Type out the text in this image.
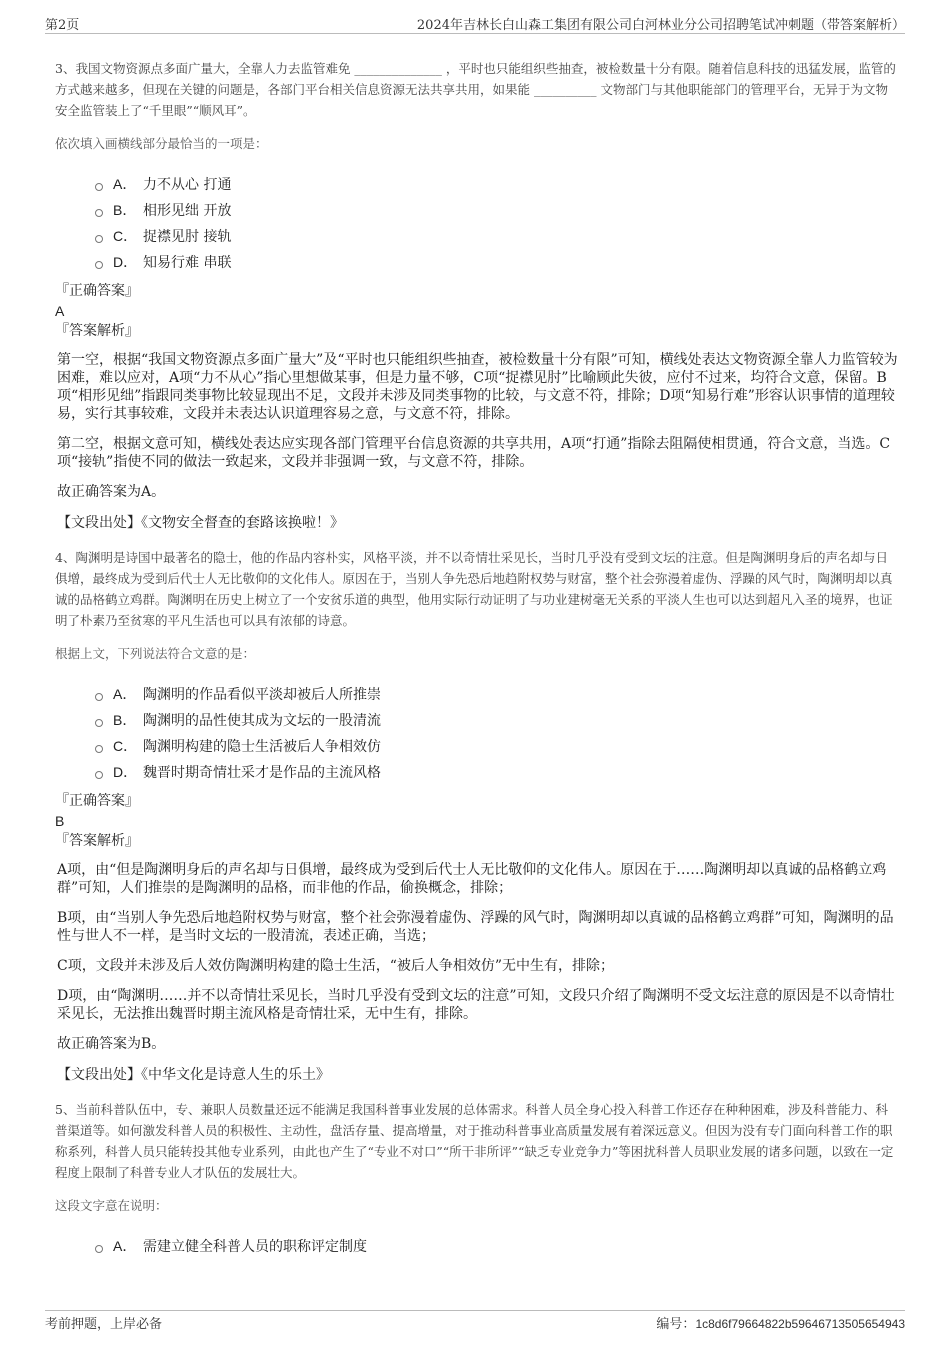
第2页	2024年吉林长白山森工集团有限公司白河林业分公司招聘笔试冲刺题（带答案解析）

3、我国文物资源点多面广量大，全靠人力去监管难免 ______________ ，平时也只能组织些抽查，被检数量十分有限。随着信息科技的迅猛发展，监管的方式越来越多，但现在关键的问题是，各部门平台相关信息资源无法共享共用，如果能 __________ 文物部门与其他职能部门的管理平台，无异于为文物安全监管装上了“千里眼”“顺风耳”。

依次填入画横线部分最恰当的一项是：

A． 力不从心 打通
B． 相形见绌 开放
C． 捉襟见肘 接轨
D． 知易行难 串联

『正确答案』

A

『答案解析』

第一空，根据“我国文物资源点多面广量大”及“平时也只能组织些抽查，被检数量十分有限”可知，横线处表达文物资源全靠人力监管较为困难，难以应对，A项“力不从心”指心里想做某事，但是力量不够，C项“捉襟见肘”比喻顾此失彼，应付不过来，均符合文意，保留。B项“相形见绌”指跟同类事物比较显现出不足，文段并未涉及同类事物的比较，与文意不符，排除；D项“知易行难”形容认识事情的道理较易，实行其事较难，文段并未表达认识道理容易之意，与文意不符，排除。

第二空，根据文意可知，横线处表达应实现各部门管理平台信息资源的共享共用，A项“打通”指除去阻隔使相贯通，符合文意，当选。C项“接轨”指使不同的做法一致起来，文段并非强调一致，与文意不符，排除。

故正确答案为A。

【文段出处】《文物安全督查的套路该换啦！》

4、陶渊明是诗国中最著名的隐士，他的作品内容朴实，风格平淡，并不以奇情壮采见长，当时几乎没有受到文坛的注意。但是陶渊明身后的声名却与日俱增，最终成为受到后代士人无比敬仰的文化伟人。原因在于，当别人争先恐后地趋附权势与财富，整个社会弥漫着虚伪、浮躁的风气时，陶渊明却以真诚的品格鹤立鸡群。陶渊明在历史上树立了一个安贫乐道的典型，他用实际行动证明了与功业建树毫无关系的平淡人生也可以达到超凡入圣的境界，也证明了朴素乃至贫寒的平凡生活也可以具有浓郁的诗意。

根据上文，下列说法符合文意的是：

A． 陶渊明的作品看似平淡却被后人所推崇
B． 陶渊明的品性使其成为文坛的一股清流
C． 陶渊明构建的隐士生活被后人争相效仿
D． 魏晋时期奇情壮采才是作品的主流风格

『正确答案』

B

『答案解析』

A项，由“但是陶渊明身后的声名却与日俱增，最终成为受到后代士人无比敬仰的文化伟人。原因在于……陶渊明却以真诚的品格鹤立鸡群”可知，人们推崇的是陶渊明的品格，而非他的作品，偷换概念，排除；

B项，由“当别人争先恐后地趋附权势与财富，整个社会弥漫着虚伪、浮躁的风气时，陶渊明却以真诚的品格鹤立鸡群”可知，陶渊明的品性与世人不一样，是当时文坛的一股清流，表述正确，当选；

C项，文段并未涉及后人效仿陶渊明构建的隐士生活，“被后人争相效仿”无中生有，排除；

D项，由“陶渊明……并不以奇情壮采见长，当时几乎没有受到文坛的注意”可知，文段只介绍了陶渊明不受文坛注意的原因是不以奇情壮采见长，无法推出魏晋时期主流风格是奇情壮采，无中生有，排除。

故正确答案为B。

【文段出处】《中华文化是诗意人生的乐土》

5、当前科普队伍中，专、兼职人员数量还远不能满足我国科普事业发展的总体需求。科普人员全身心投入科普工作还存在种种困难，涉及科普能力、科普渠道等。如何激发科普人员的积极性、主动性，盘活存量、提高增量，对于推动科普事业高质量发展有着深远意义。但因为没有专门面向科普工作的职称系列，科普人员只能转投其他专业系列，由此也产生了“专业不对口”“所干非所评”“缺乏专业竞争力”等困扰科普人员职业发展的诸多问题，以致在一定程度上限制了科普专业人才队伍的发展壮大。

这段文字意在说明：

A． 需建立健全科普人员的职称评定制度
考前押题，上岸必备	编号：1c8d6f79664822b59646713505654943
